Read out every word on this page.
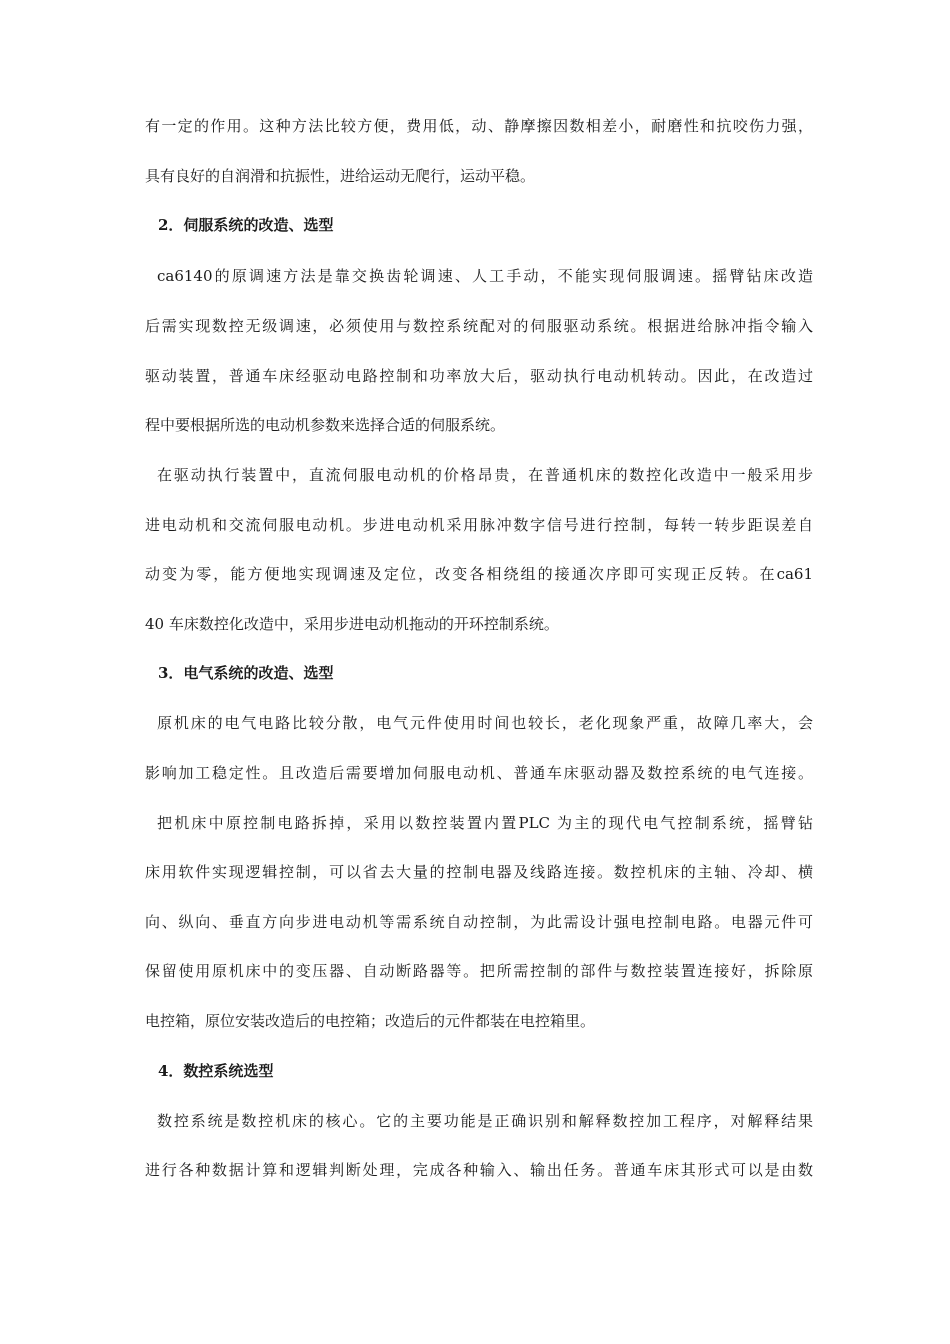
有一定的作用。这种方法比较方便，费用低，动、静摩擦因数相差小，耐磨性和抗咬伤力强，
具有良好的自润滑和抗振性，进给运动无爬行，运动平稳。
2．伺服系统的改造、选型
ca6140的原调速方法是靠交换齿轮调速、人工手动，不能实现伺服调速。摇臂钻床改造
后需实现数控无级调速，必须使用与数控系统配对的伺服驱动系统。根据进给脉冲指令输入
驱动装置，普通车床经驱动电路控制和功率放大后，驱动执行电动机转动。因此，在改造过
程中要根据所选的电动机参数来选择合适的伺服系统。
在驱动执行装置中，直流伺服电动机的价格昂贵，在普通机床的数控化改造中一般采用步
进电动机和交流伺服电动机。步进电动机采用脉冲数字信号进行控制，每转一转步距误差自
动变为零，能方便地实现调速及定位，改变各相绕组的接通次序即可实现正反转。在ca61
40 车床数控化改造中，采用步进电动机拖动的开环控制系统。
3．电气系统的改造、选型
原机床的电气电路比较分散，电气元件使用时间也较长，老化现象严重，故障几率大，会
影响加工稳定性。且改造后需要增加伺服电动机、普通车床驱动器及数控系统的电气连接。
把机床中原控制电路拆掉，采用以数控装置内置PLC 为主的现代电气控制系统，摇臂钻
床用软件实现逻辑控制，可以省去大量的控制电器及线路连接。数控机床的主轴、冷却、横
向、纵向、垂直方向步进电动机等需系统自动控制，为此需设计强电控制电路。电器元件可
保留使用原机床中的变压器、自动断路器等。把所需控制的部件与数控装置连接好，拆除原
电控箱，原位安装改造后的电控箱；改造后的元件都装在电控箱里。
4．数控系统选型
数控系统是数控机床的核心。它的主要功能是正确识别和解释数控加工程序，对解释结果
进行各种数据计算和逻辑判断处理，完成各种输入、输出任务。普通车床其形式可以是由数
